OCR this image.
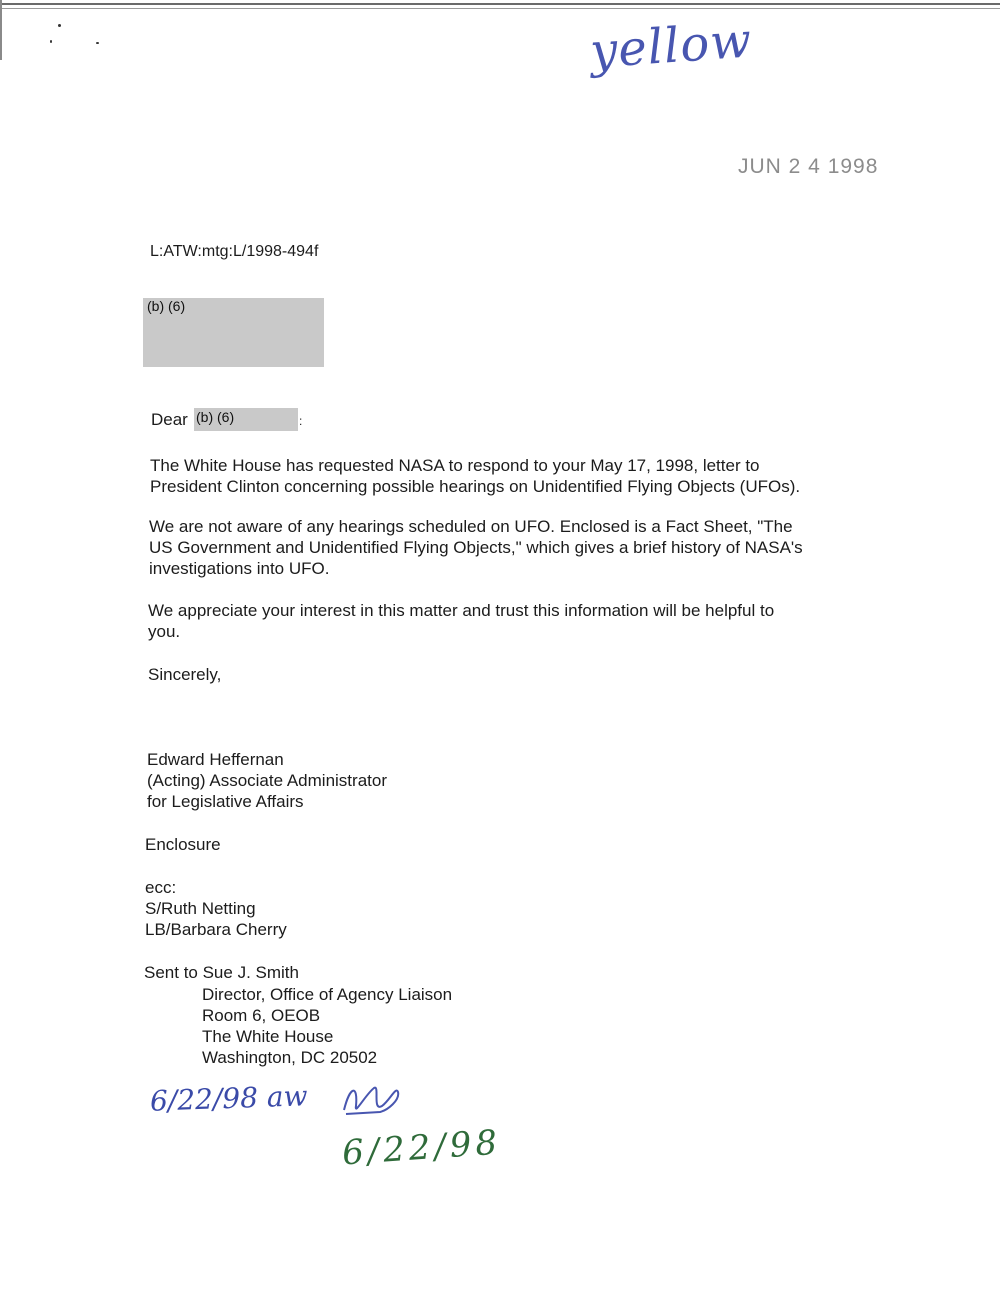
yellow
JUN 2 4 1998
L:ATW:mtg:L/1998-494f
(b) (6)
Dear (b) (6)	:
The White House has requested NASA to respond to your May 17, 1998, letter to
President Clinton concerning possible hearings on Unidentified Flying Objects (UFOs).
We are not aware of any hearings scheduled on UFO. Enclosed is a Fact Sheet, "The
US Government and Unidentified Flying Objects," which gives a brief history of NASA's
investigations into UFO.
We appreciate your interest in this matter and trust this information will be helpful to
you.
Sincerely,
Edward Heffernan
(Acting) Associate Administrator
for Legislative Affairs
Enclosure
ecc:
S/Ruth Netting
LB/Barbara Cherry
Sent to Sue J. Smith
Director, Office of Agency Liaison
Room 6, OEOB
The White House
Washington, DC 20502
6/22/98 aw
6/22/98
